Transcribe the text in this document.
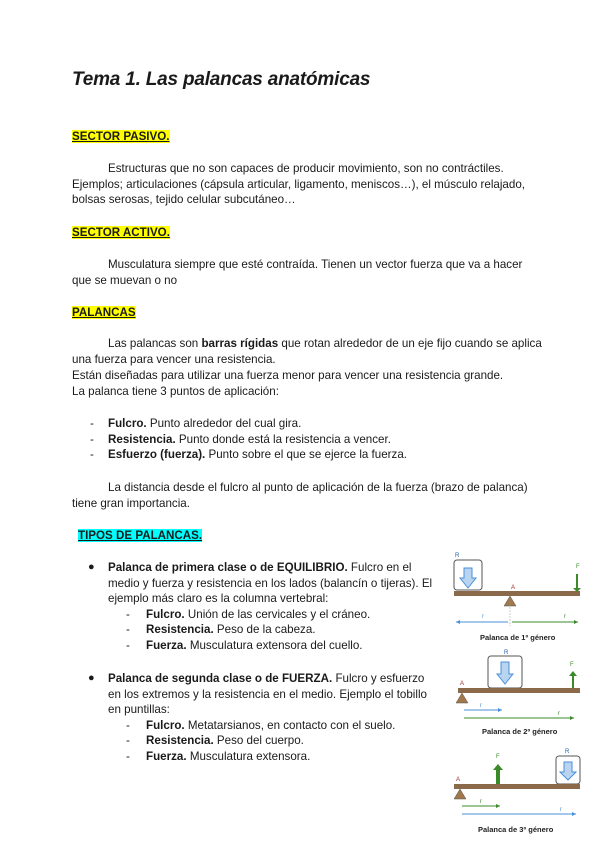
Tema 1. Las palancas anatómicas
SECTOR PASIVO.

Estructuras que no son capaces de producir movimiento, son no contráctiles. Ejemplos; articulaciones (cápsula articular, ligamento, meniscos…), el músculo relajado, bolsas serosas, tejido celular subcutáneo…

SECTOR ACTIVO.

Musculatura siempre que esté contraída. Tienen un vector fuerza que va a hacer que se muevan o no

PALANCAS

Las palancas son barras rígidas que rotan alrededor de un eje fijo cuando se aplica una fuerza para vencer una resistencia.

Están diseñadas para utilizar una fuerza menor para vencer una resistencia grande.

La palanca tiene 3 puntos de aplicación:

- Fulcro. Punto alrededor del cual gira.
- Resistencia. Punto donde está la resistencia a vencer.
- Esfuerzo (fuerza). Punto sobre el que se ejerce la fuerza.

La distancia desde el fulcro al punto de aplicación de la fuerza (brazo de palanca) tiene gran importancia.

TIPOS DE PALANCAS.
● Palanca de primera clase o de EQUILIBRIO. Fulcro en el medio y fuerza y resistencia en los lados (balancín o tijeras). El ejemplo más claro es la columna vertebral:
- Fulcro. Unión de las cervicales y el cráneo.
- Resistencia. Peso de la cabeza.
- Fuerza. Musculatura extensora del cuello.
● Palanca de segunda clase o de FUERZA. Fulcro y esfuerzo en los extremos y la resistencia en el medio. Ejemplo el tobillo en puntillas:
- Fulcro. Metatarsianos, en contacto con el suelo.
- Resistencia. Peso del cuerpo.
- Fuerza. Musculatura extensora.
R
F
A
r	r
Palanca de 1º género
R
F
A
r
r
Palanca de 2º género
R
F
A
r
r
Palanca de 3º género
